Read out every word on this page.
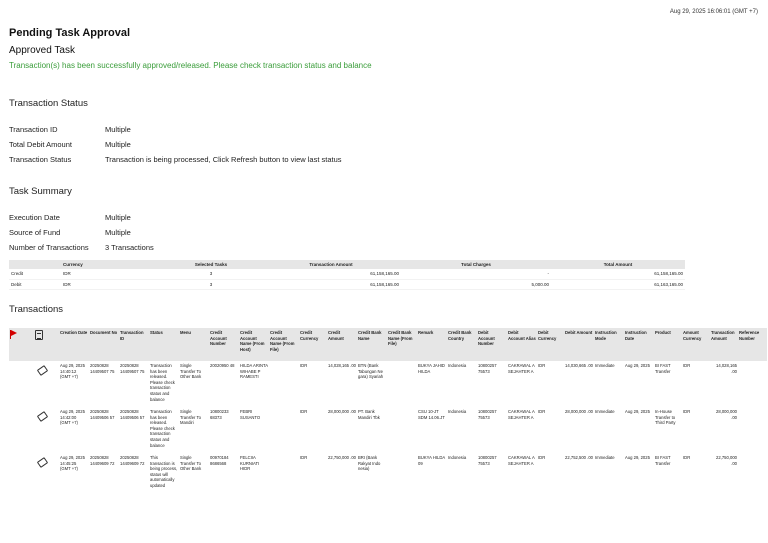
Aug 29, 2025 16:06:01 (GMT +7)
Pending Task Approval
Approved Task
Transaction(s) has been successfully approved/released. Please check transaction status and balance
Transaction Status
Transaction ID	Multiple
Total Debit Amount	Multiple
Transaction Status	Transaction is being processed, Click Refresh button to view last status
Task Summary
Execution Date	Multiple
Source of Fund	Multiple
Number of Transactions 3 Transactions
	Currency	Selected Tasks	Transaction Amount	Total Charges	Total Amount
Credit	IDR	3	61,158,165.00	-	61,158,165.00
Debit	IDR	3	61,158,165.00	5,000.00	61,163,165.00
Transactions
		Creation Date	Document No	Transaction ID	Status	Menu	Credit Account Number	Credit Account Name (From Host)	Credit Account Name (From File)	Credit Currency	Credit Amount	Credit Bank Name	Credit Bank Name (From File)	Remark	Credit Bank Country	Debit Account Number	Debit Account Alias	Debit Currency	Debit Amount	Instruction Mode	Instruction Date	Product	Amount Currency	Transaction Amount	Reference Number
		Aug 29, 2025 14:40:12 (GMT +7)	20250828 14409507 75	20250828 14409507 75	Transaction has been released. Please check transaction status and balance	Single Transfer To Other Bank	20020950 48	HILDA ARINTA WIHABE P RAMESTI		IDR	14,028,165 .00	BTN (Bank Tabungan Ne gara) Syariah		BUKYA JAHID HILDA	Indonesia	10800257 75573	CAKRAWAL A SEJAHTER A	IDR	14,030,665 .00	Immediate	Aug 29, 2025	BI FAST Transfer	IDR	14,028,165 .00	
		Aug 29, 2025 14:42:00 (GMT +7)	20250828 14409506 57	20250828 14409506 57	Transaction has been released. Please check transaction status and balance	Single Transfer To Mandiri	10800233 68373	FEBRI SUSANTO		IDR	28,000,000 .00	PT. Bank Mandiri Tbk		CSU 10-JT SDM 14.06.JT	Indonesia	10800257 75573	CAKRAWAL A SEJAHTER A	IDR	28,000,000 .00	Immediate	Aug 29, 2025	In-House Transfer to Third Party	IDR	28,000,000 .00	
		Aug 29, 2025 14:45:25 (GMT +7)	20250828 14409609 72	20250828 14409609 72	This transaction is being process, status will automatically updated	Single Transfer To Other Bank	00970184 8686568	FELCIIA KURNIATI HIDR		IDR	22,750,000 .00	BRI (Bank Rakyat Indo nesia)		BUKYA HILDA 09	Indonesia	10800257 75573	CAKRAWAL A SEJAHTER A	IDR	22,752,500 .00	Immediate	Aug 29, 2025	BI FAST Transfer	IDR	22,750,000 .00	
